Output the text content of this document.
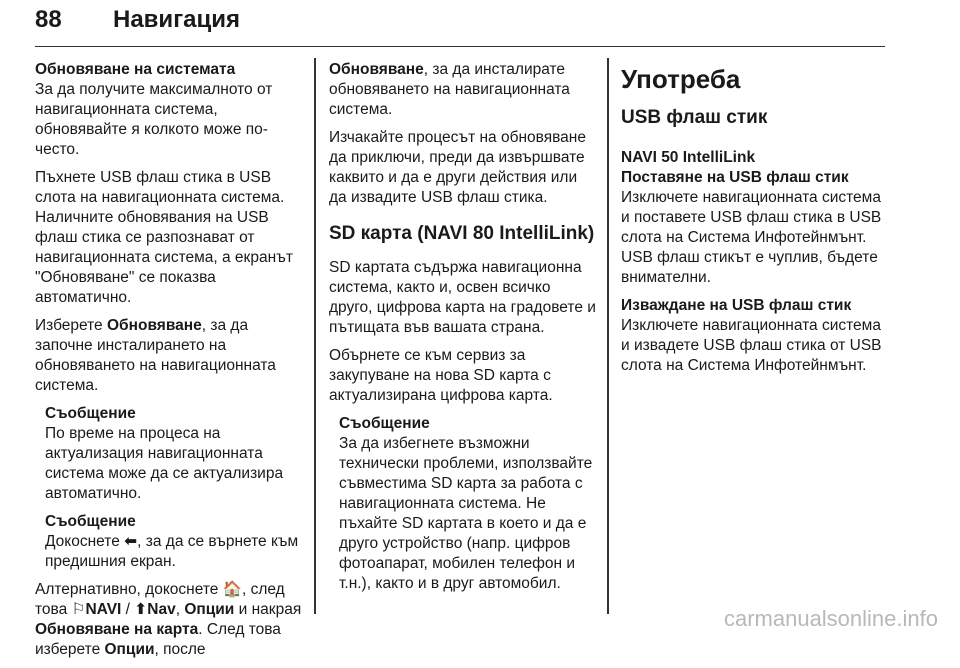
88 Навигация
Обновяване на системата

За да получите максималното от навигационната система, обновявайте я колкото може по-често.

Пъхнете USB флаш стика в USB слота на навигационната система. Наличните обновявания на USB флаш стика се разпознават от навигационната система, а екранът "Обновяване" се показва автоматично.

Изберете Обновяване, за да започне инсталирането на обновяването на навигационната система.

Съобщение

По време на процеса на актуализация навигационната система може да се актуализира автоматично.

Съобщение

Докоснете ⬅, за да се върнете към предишния екран.

Алтернативно, докоснете 🏠, след това ⚐NAVI / ⬆Nav, Опции и накрая Обновяване на карта. След това изберете Опции, после

Обновяване, за да инсталирате обновяването на навигационната система.

Изчакайте процесът на обновяване да приключи, преди да извършвате каквито и да е други действия или да извадите USB флаш стика.

SD карта (NAVI 80 IntelliLink)

SD картата съдържа навигационна система, както и, освен всичко друго, цифрова карта на градовете и пътищата във вашата страна.

Обърнете се към сервиз за закупуване на нова SD карта с актуализирана цифрова карта.

Съобщение

За да избегнете възможни технически проблеми, използвайте съвместима SD карта за работа с навигационната система. Не пъхайте SD картата в което и да е друго устройство (напр. цифров фотоапарат, мобилен телефон и т.н.), както и в друг автомобил.

Употреба
USB флаш стик
NAVI 50 IntelliLink
Поставяне на USB флаш стик

Изключете навигационната система и поставете USB флаш стика в USB слота на Система Инфотейнмънт. USB флаш стикът е чуплив, бъдете внимателни.

Изваждане на USB флаш стик

Изключете навигационната система и извадете USB флаш стика от USB слота на Система Инфотейнмънт.

carmanualsonline.info
